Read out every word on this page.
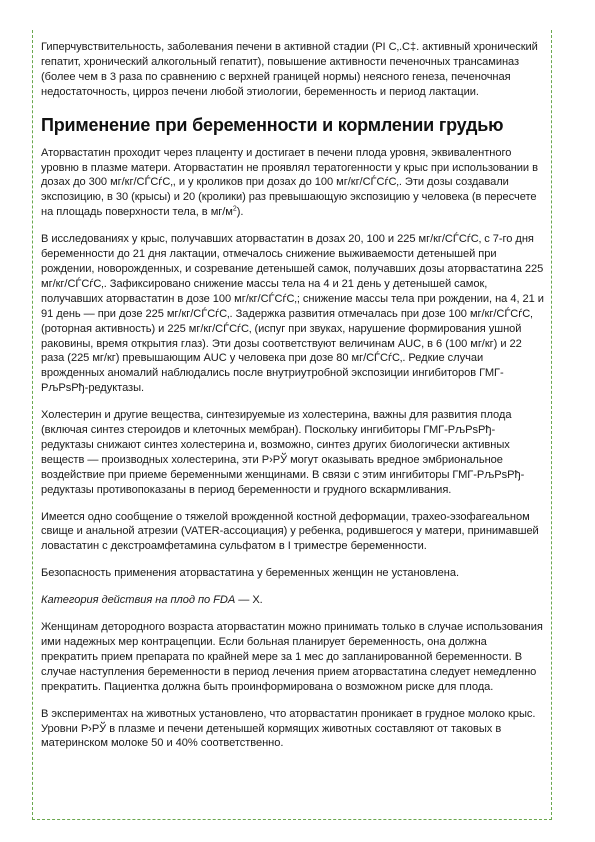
Гиперчувствительность, заболевания печени в активной стадии (РІ С‚.С‡. активный хронический гепатит, хронический алкогольный гепатит), повышение активности печеночных трансаминаз (более чем в 3 раза по сравнению с верхней границей нормы) неясного генеза, печеночная недостаточность, цирроз печени любой этиологии, беременность и период лактации.

Применение при беременности и кормлении грудью

Аторвастатин проходит через плаценту и достигает в печени плода уровня, эквивалентного уровню в плазме матери. Аторвастатин не проявлял тератогенности у крыс при использовании в дозах до 300 мг/кг/СЃСѓС‚, и у кроликов при дозах до 100 мг/кг/СЃСѓС‚. Эти дозы создавали экспозицию, в 30 (крысы) и 20 (кролики) раз превышающую экспозицию у человека (в пересчете на площадь поверхности тела, в $мг/м^2$).

В исследованиях у крыс, получавших аторвастатин в дозах 20, 100 и 225 мг/кг/СЃСѓС‚ с 7-го дня беременности до 21 дня лактации, отмечалось снижение выживаемости детенышей при рождении, новорожденных, и созревание детенышей самок, получавших дозы аторвастатина 225 мг/кг/СЃСѓС‚. Зафиксировано снижение массы тела на 4 и 21 день у детенышей самок, получавших аторвастатин в дозе 100 мг/кг/СЃСѓС‚; снижение массы тела при рождении, на 4, 21 и 91 день — при дозе 225 мг/кг/СЃСѓС‚. Задержка развития отмечалась при дозе 100 мг/кг/СЃСѓС‚ (роторная активность) и 225 мг/кг/СЃСѓС‚ (испуг при звуках, нарушение формирования ушной раковины, время открытия глаз). Эти дозы соответствуют величинам AUC, в 6 (100 мг/кг) и 22 раза (225 мг/кг) превышающим AUC у человека при дозе 80 мг/СЃСѓС‚. Редкие случаи врожденных аномалий наблюдались после внутриутробной экспозиции ингибиторов ГМГ-РљРѕРђ-редуктазы.

Холестерин и другие вещества, синтезируемые из холестерина, важны для развития плода (включая синтез стероидов и клеточных мембран). Поскольку ингибиторы ГМГ-РљРѕРђ-редуктазы снижают синтез холестерина и, возможно, синтез других биологически активных веществ — производных холестерина, эти Р›РЎ могут оказывать вредное эмбриональное воздействие при приеме беременными женщинами. В связи с этим ингибиторы ГМГ-РљРѕРђ-редуктазы противопоказаны в период беременности и грудного вскармливания.

Имеется одно сообщение о тяжелой врожденной костной деформации, трахео-эзофагеальном свище и анальной атрезии (VATER-ассоциация) у ребенка, родившегося у матери, принимавшей ловастатин с декстроамфетамина сульфатом в I триместре беременности.

Безопасность применения аторвастатина у беременных женщин не установлена.

Категория действия на плод по FDA — X.

Женщинам детородного возраста аторвастатин можно принимать только в случае использования ими надежных мер контрацепции. Если больная планирует беременность, она должна прекратить прием препарата по крайней мере за 1 мес до запланированной беременности. В случае наступления беременности в период лечения прием аторвастатина следует немедленно прекратить. Пациентка должна быть проинформирована о возможном риске для плода.

В экспериментах на животных установлено, что аторвастатин проникает в грудное молоко крыс. Уровни Р›РЎ в плазме и печени детенышей кормящих животных составляют от таковых в материнском молоке 50 и 40% соответственно.
